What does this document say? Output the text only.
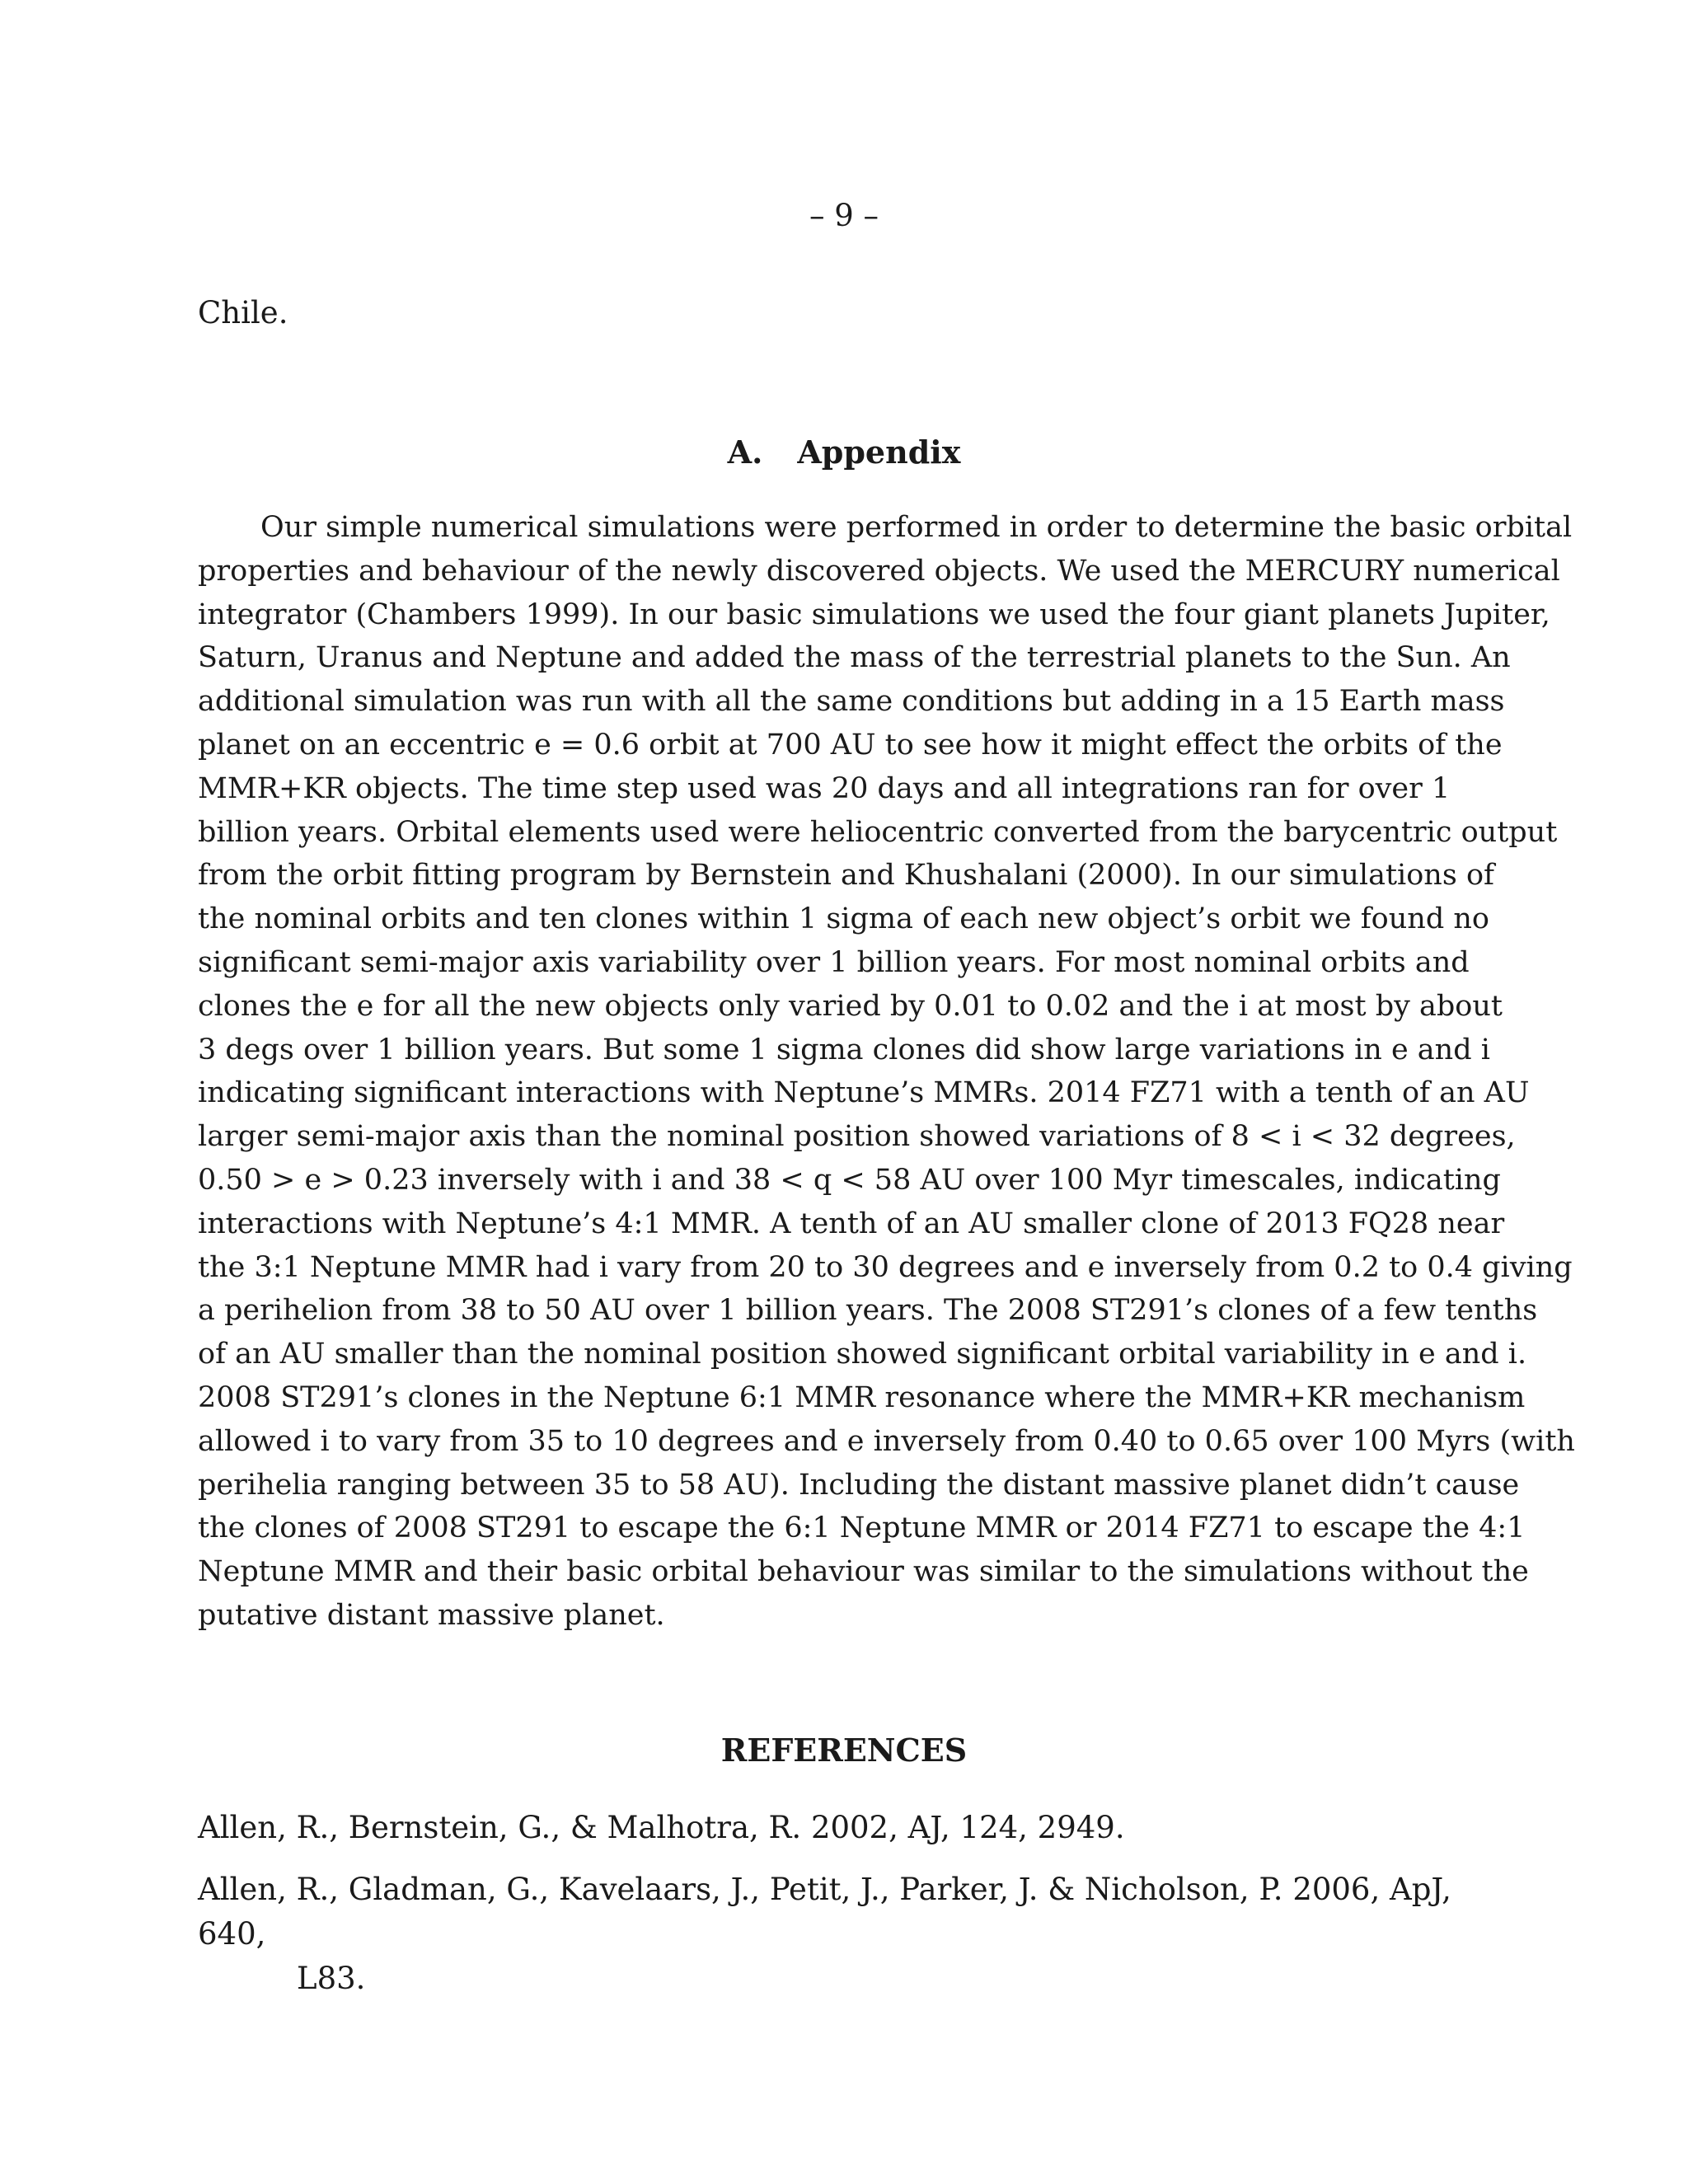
– 9 –
Chile.
A. Appendix
Our simple numerical simulations were performed in order to determine the basic orbital
properties and behaviour of the newly discovered objects. We used the MERCURY numerical
integrator (Chambers 1999). In our basic simulations we used the four giant planets Jupiter,
Saturn, Uranus and Neptune and added the mass of the terrestrial planets to the Sun. An
additional simulation was run with all the same conditions but adding in a 15 Earth mass
planet on an eccentric e = 0.6 orbit at 700 AU to see how it might effect the orbits of the
MMR+KR objects. The time step used was 20 days and all integrations ran for over 1
billion years. Orbital elements used were heliocentric converted from the barycentric output
from the orbit fitting program by Bernstein and Khushalani (2000). In our simulations of
the nominal orbits and ten clones within 1 sigma of each new object’s orbit we found no
significant semi-major axis variability over 1 billion years. For most nominal orbits and
clones the e for all the new objects only varied by 0.01 to 0.02 and the i at most by about
3 degs over 1 billion years. But some 1 sigma clones did show large variations in e and i
indicating significant interactions with Neptune’s MMRs. 2014 FZ71 with a tenth of an AU
larger semi-major axis than the nominal position showed variations of 8 < i < 32 degrees,
0.50 > e > 0.23 inversely with i and 38 < q < 58 AU over 100 Myr timescales, indicating
interactions with Neptune’s 4:1 MMR. A tenth of an AU smaller clone of 2013 FQ28 near
the 3:1 Neptune MMR had i vary from 20 to 30 degrees and e inversely from 0.2 to 0.4 giving
a perihelion from 38 to 50 AU over 1 billion years. The 2008 ST291’s clones of a few tenths
of an AU smaller than the nominal position showed significant orbital variability in e and i.
2008 ST291’s clones in the Neptune 6:1 MMR resonance where the MMR+KR mechanism
allowed i to vary from 35 to 10 degrees and e inversely from 0.40 to 0.65 over 100 Myrs (with
perihelia ranging between 35 to 58 AU). Including the distant massive planet didn’t cause
the clones of 2008 ST291 to escape the 6:1 Neptune MMR or 2014 FZ71 to escape the 4:1
Neptune MMR and their basic orbital behaviour was similar to the simulations without the
putative distant massive planet.
REFERENCES
Allen, R., Bernstein, G., & Malhotra, R. 2002, AJ, 124, 2949.
Allen, R., Gladman, G., Kavelaars, J., Petit, J., Parker, J. & Nicholson, P. 2006, ApJ, 640,
L83.
